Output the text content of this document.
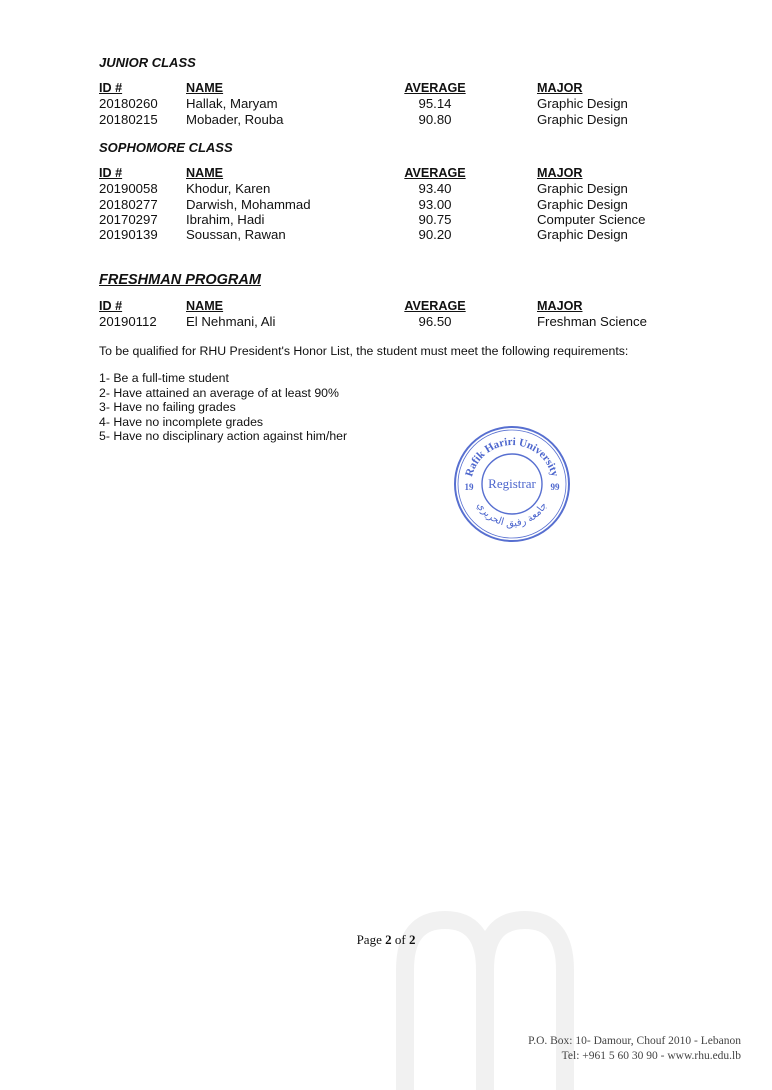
JUNIOR CLASS
ID #	NAME	AVERAGE	MAJOR
20180260 Hallak, Maryam	95.14	Graphic Design
20180215 Mobader, Rouba	90.80	Graphic Design
SOPHOMORE CLASS
ID #	NAME	AVERAGE	MAJOR
20190058 Khodur, Karen	93.40	Graphic Design
20180277 Darwish, Mohammad	93.00	Graphic Design
20170297 Ibrahim, Hadi	90.75	Computer Science
20190139 Soussan, Rawan	90.20	Graphic Design
FRESHMAN PROGRAM
ID #	NAME	AVERAGE	MAJOR
20190112 El Nehmani, Ali	96.50	Freshman Science
To be qualified for RHU President's Honor List, the student must meet the following requirements:
1- Be a full-time student
2- Have attained an average of at least 90%
3- Have no failing grades
4- Have no incomplete grades
5- Have no disciplinary action against him/her
Rafik Hariri University
Registrar
19	99
جامعة رفيق الحريري
Page 2 of 2
P.O. Box: 10- Damour, Chouf 2010 - Lebanon
Tel: +961 5 60 30 90 - www.rhu.edu.lb
